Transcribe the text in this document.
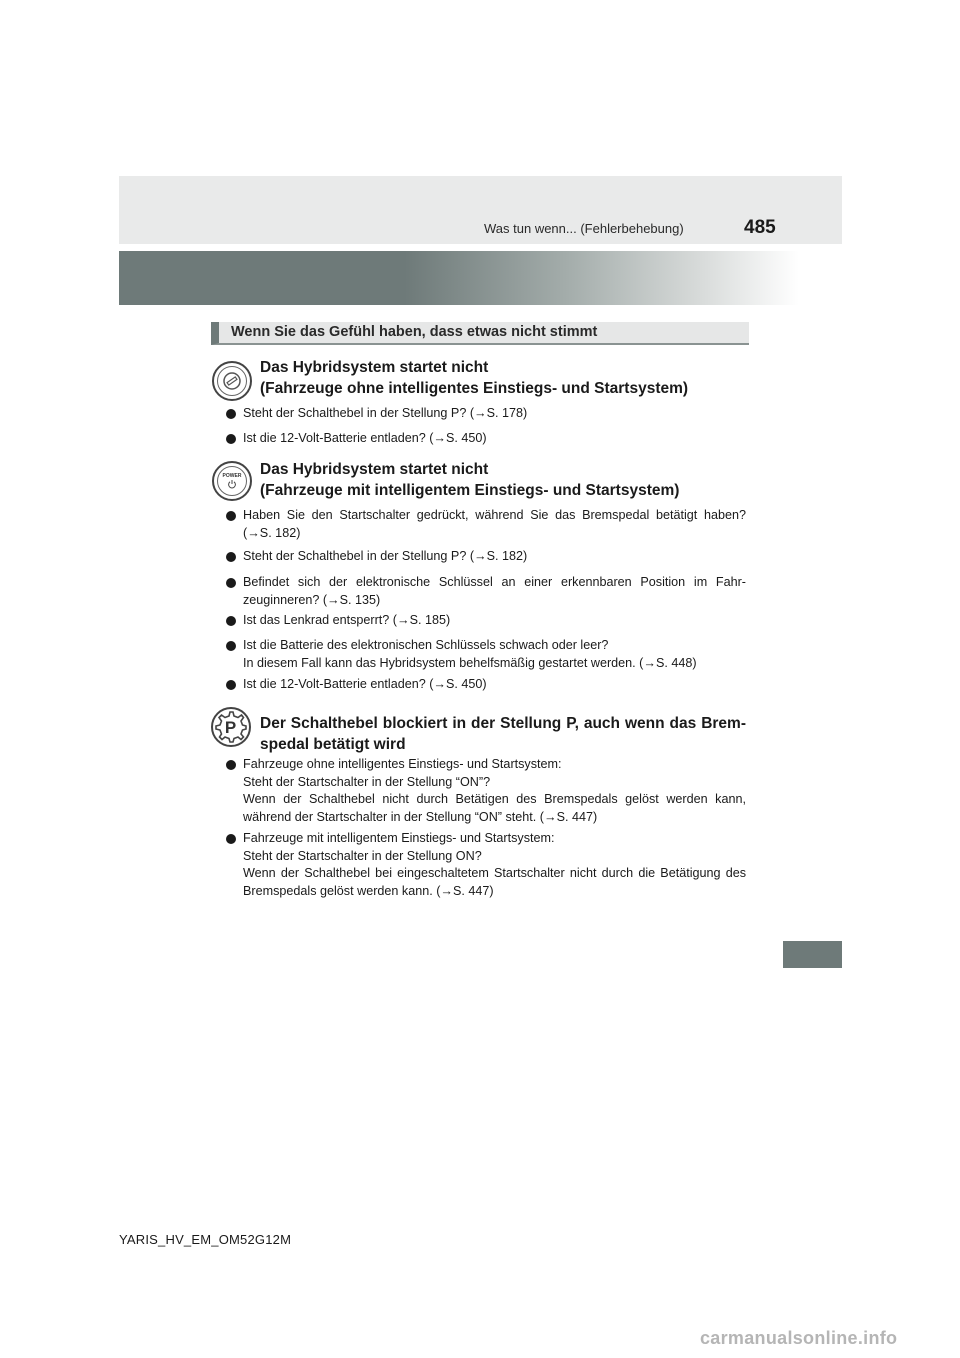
Was tun wenn... (Fehlerbehebung)	485
Wenn Sie das Gefühl haben, dass etwas nicht stimmt
Das Hybridsystem startet nicht
(Fahrzeuge ohne intelligentes Einstiegs- und Startsystem)
Steht der Schalthebel in der Stellung P? (→S. 178)
Ist die 12-Volt-Batterie entladen? (→S. 450)
POWER Das Hybridsystem startet nicht
(Fahrzeuge mit intelligentem Einstiegs- und Startsystem)
Haben Sie den Startschalter gedrückt, während Sie das Bremspedal betätigt haben? (→S. 182)
Steht der Schalthebel in der Stellung P? (→S. 182)
Befindet sich der elektronische Schlüssel an einer erkennbaren Position im Fahr-zeuginneren? (→S. 135)
Ist das Lenkrad entsperrt? (→S. 185)
Ist die Batterie des elektronischen Schlüssels schwach oder leer?
In diesem Fall kann das Hybridsystem behelfsmäßig gestartet werden. (→S. 448)
Ist die 12-Volt-Batterie entladen? (→S. 450)
P Der Schalthebel blockiert in der Stellung P, auch wenn das Brem-
spedal betätigt wird
Fahrzeuge ohne intelligentes Einstiegs- und Startsystem:
Steht der Startschalter in der Stellung “ON”?
Wenn der Schalthebel nicht durch Betätigen des Bremspedals gelöst werden kann, während der Startschalter in der Stellung “ON” steht. (→S. 447)
Fahrzeuge mit intelligentem Einstiegs- und Startsystem:
Steht der Startschalter in der Stellung ON?
Wenn der Schalthebel bei eingeschaltetem Startschalter nicht durch die Betätigung des Bremspedals gelöst werden kann. (→S. 447)
YARIS_HV_EM_OM52G12M
carmanualsonline.info
